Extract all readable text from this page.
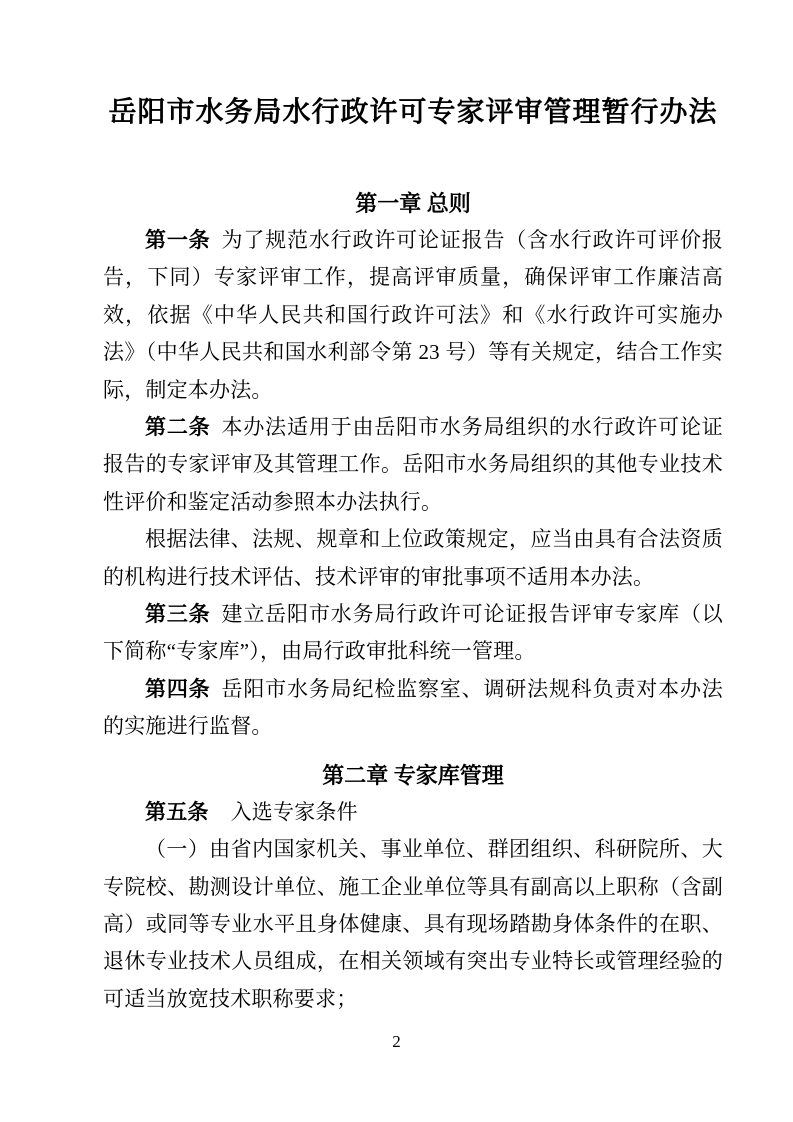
岳阳市水务局水行政许可专家评审管理暂行办法
第一章 总则

第一条 为了规范水行政许可论证报告（含水行政许可评价报告，下同）专家评审工作，提高评审质量，确保评审工作廉洁高效，依据《中华人民共和国行政许可法》和《水行政许可实施办法》（中华人民共和国水利部令第 23 号）等有关规定，结合工作实际，制定本办法。

第二条 本办法适用于由岳阳市水务局组织的水行政许可论证报告的专家评审及其管理工作。岳阳市水务局组织的其他专业技术性评价和鉴定活动参照本办法执行。

根据法律、法规、规章和上位政策规定，应当由具有合法资质的机构进行技术评估、技术评审的审批事项不适用本办法。

第三条 建立岳阳市水务局行政许可论证报告评审专家库（以下简称“专家库”），由局行政审批科统一管理。

第四条 岳阳市水务局纪检监察室、调研法规科负责对本办法的实施进行监督。

第二章 专家库管理

第五条 入选专家条件

（一）由省内国家机关、事业单位、群团组织、科研院所、大专院校、勘测设计单位、施工企业单位等具有副高以上职称（含副高）或同等专业水平且身体健康、具有现场踏勘身体条件的在职、退休专业技术人员组成，在相关领域有突出专业特长或管理经验的可适当放宽技术职称要求；

2
